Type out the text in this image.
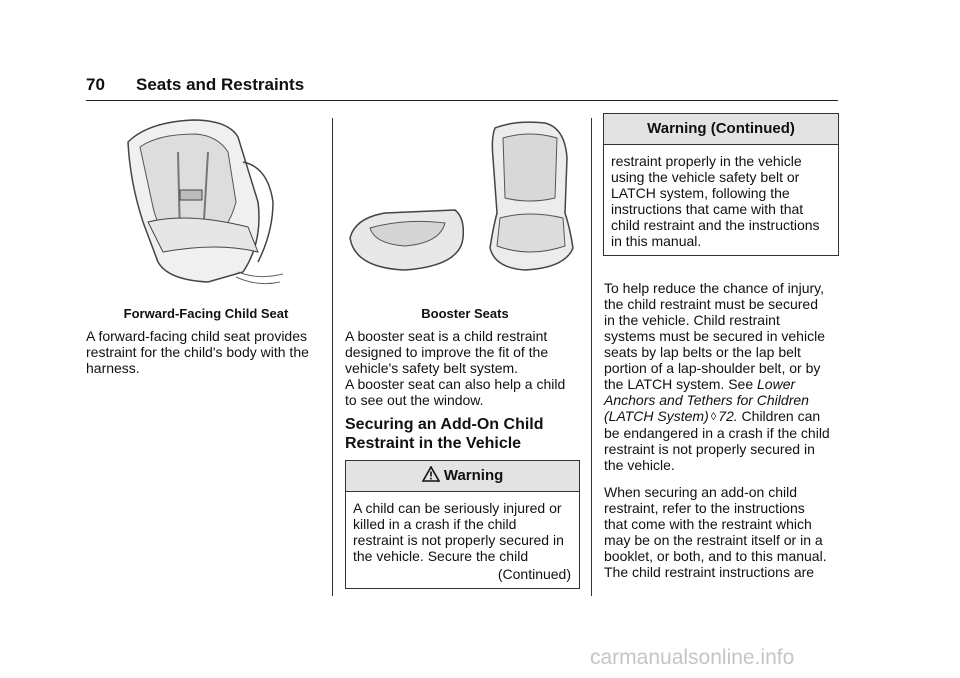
70 Seats and Restraints
Forward-Facing Child Seat

A forward-facing child seat provides

restraint for the child's body with the

harness.

Booster Seats

A booster seat is a child restraint

designed to improve the fit of the

vehicle's safety belt system.

A booster seat can also help a child

to see out the window.

Securing an Add-On Child

Restraint in the Vehicle

Warning

A child can be seriously injured or

killed in a crash if the child

restraint is not properly secured in

the vehicle. Secure the child

(Continued)

Warning (Continued)

restraint properly in the vehicle

using the vehicle safety belt or

LATCH system, following the

instructions that came with that

child restraint and the instructions

in this manual.

To help reduce the chance of injury,

the child restraint must be secured

in the vehicle. Child restraint

systems must be secured in vehicle

seats by lap belts or the lap belt

portion of a lap-shoulder belt, or by

the LATCH system. See Lower

Anchors and Tethers for Children

(LATCH System) ◊ 72. Children can

be endangered in a crash if the child

restraint is not properly secured in

the vehicle.

When securing an add-on child

restraint, refer to the instructions

that come with the restraint which

may be on the restraint itself or in a

booklet, or both, and to this manual.

The child restraint instructions are

carmanualsonline.info
